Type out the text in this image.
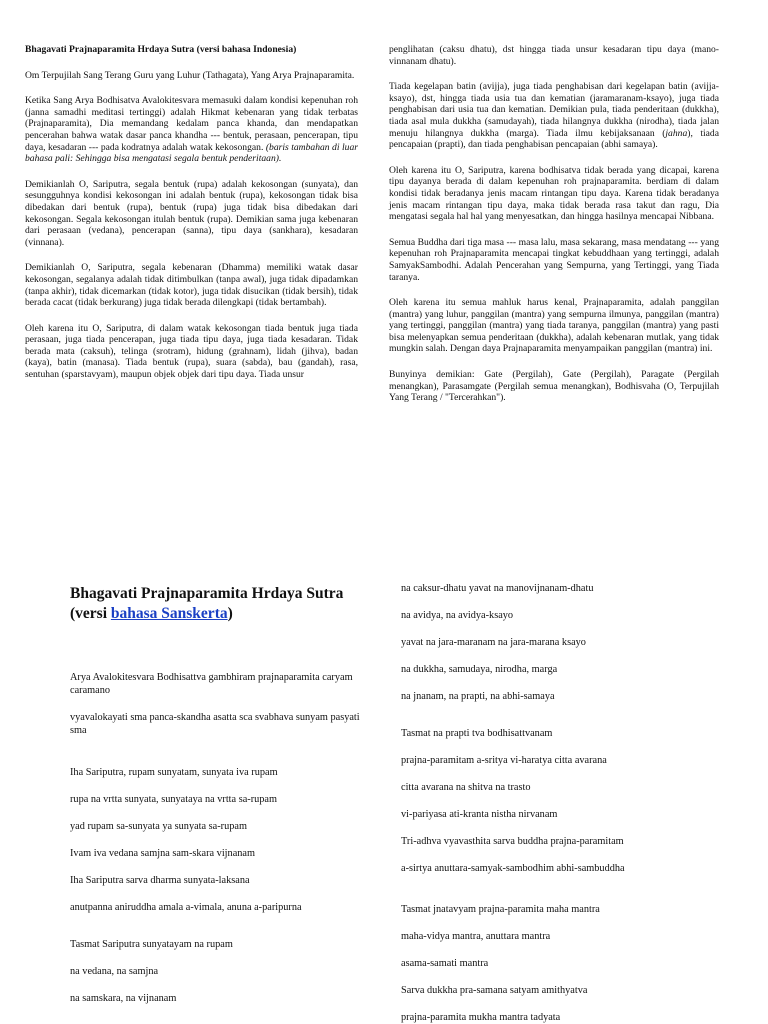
Bhagavati Prajnaparamita Hrdaya Sutra (versi bahasa Indonesia)

Om Terpujilah Sang Terang Guru yang Luhur (Tathagata), Yang Arya Prajnaparamita.

Ketika Sang Arya Bodhisatva Avalokitesvara memasuki dalam kondisi kepenuhan roh (janna samadhi meditasi tertinggi) adalah Hikmat kebenaran yang tidak terbatas (Prajnaparamita), Dia memandang kedalam panca khanda, dan mendapatkan pencerahan bahwa watak dasar panca khandha --- bentuk, perasaan, pencerapan, tipu daya, kesadaran --- pada kodratnya adalah watak kekosongan. (baris tambahan di luar bahasa pali: Sehingga bisa mengatasi segala bentuk penderitaan).

Demikianlah O, Sariputra, segala bentuk (rupa) adalah kekosongan (sunyata), dan sesungguhnya kondisi kekosongan ini adalah bentuk (rupa), kekosongan tidak bisa dibedakan dari bentuk (rupa), bentuk (rupa) juga tidak bisa dibedakan dari kekosongan. Segala kekosongan itulah bentuk (rupa). Demikian sama juga kebenaran dari perasaan (vedana), pencerapan (sanna), tipu daya (sankhara), kesadaran (vinnana).

Demikianlah O, Sariputra, segala kebenaran (Dhamma) memiliki watak dasar kekosongan, segalanya adalah tidak ditimbulkan (tanpa awal), juga tidak dipadamkan (tanpa akhir), tidak dicemarkan (tidak kotor), juga tidak disucikan (tidak bersih), tidak berada cacat (tidak berkurang) juga tidak berada dilengkapi (tidak bertambah).

Oleh karena itu O, Sariputra, di dalam watak kekosongan tiada bentuk juga tiada perasaan, juga tiada pencerapan, juga tiada tipu daya, juga tiada kesadaran. Tidak berada mata (caksuh), telinga (srotram), hidung (grahnam), lidah (jihva), badan (kaya), batin (manasa). Tiada bentuk (rupa), suara (sabda), bau (gandah), rasa, sentuhan (sparstavyam), maupun objek objek dari tipu daya. Tiada unsur

penglihatan (caksu dhatu), dst hingga tiada unsur kesadaran tipu daya (mano-vinnanam dhatu).

Tiada kegelapan batin (avijja), juga tiada penghabisan dari kegelapan batin (avijja-ksayo), dst, hingga tiada usia tua dan kematian (jaramaranam-ksayo), juga tiada penghabisan dari usia tua dan kematian. Demikian pula, tiada penderitaan (dukkha), tiada asal mula dukkha (samudayah), tiada hilangnya dukkha (nirodha), tiada jalan menuju hilangnya dukkha (marga). Tiada ilmu kebijaksanaan (jahna), tiada pencapaian (prapti), dan tiada penghabisan pencapaian (abhi samaya).

Oleh karena itu O, Sariputra, karena bodhisatva tidak berada yang dicapai, karena tipu dayanya berada di dalam kepenuhan roh prajnaparamita. berdiam di dalam kondisi tidak beradanya jenis macam rintangan tipu daya. Karena tidak beradanya jenis macam rintangan tipu daya, maka tidak berada rasa takut dan ragu, Dia mengatasi segala hal hal yang menyesatkan, dan hingga hasilnya mencapai Nibbana.

Semua Buddha dari tiga masa --- masa lalu, masa sekarang, masa mendatang --- yang kepenuhan roh Prajnaparamita mencapai tingkat kebuddhaan yang tertinggi, adalah SamyakSambodhi. Adalah Pencerahan yang Sempurna, yang Tertinggi, yang Tiada taranya.

Oleh karena itu semua mahluk harus kenal, Prajnaparamita, adalah panggilan (mantra) yang luhur, panggilan (mantra) yang sempurna ilmunya, panggilan (mantra) yang tertinggi, panggilan (mantra) yang tiada taranya, panggilan (mantra) yang pasti bisa melenyapkan semua penderitaan (dukkha), adalah kebenaran mutlak, yang tidak mungkin salah. Dengan daya Prajnaparamita menyampaikan panggilan (mantra) ini.

Bunyinya demikian: Gate (Pergilah), Gate (Pergilah), Paragate (Pergilah menangkan), Parasamgate (Pergilah semua menangkan), Bodhisvaha (O, Terpujilah Yang Terang / "Tercerahkan").

Bhagavati Prajnaparamita Hrdaya Sutra (versi bahasa Sanskerta)

Arya Avalokitesvara Bodhisattva gambhiram prajnaparamita caryam caramano

vyavalokayati sma panca-skandha asatta sca svabhava sunyam pasyati sma

Iha Sariputra, rupam sunyatam, sunyata iva rupam

rupa na vrtta sunyata, sunyataya na vrtta sa-rupam

yad rupam sa-sunyata ya sunyata sa-rupam

Ivam iva vedana samjna sam-skara vijnanam

Iha Sariputra sarva dharma sunyata-laksana

anutpanna aniruddha amala a-vimala, anuna a-paripurna

Tasmat Sariputra sunyatayam na rupam

na vedana, na samjna

na samskara, na vijnanam

na caksur-dhatu yavat na manovijnanam-dhatu

na avidya, na avidya-ksayo

yavat na jara-maranam na jara-marana ksayo

na dukkha, samudaya, nirodha, marga

na jnanam, na prapti, na abhi-samaya

Tasmat na prapti tva bodhisattvanam

prajna-paramitam a-sritya vi-haratya citta avarana

citta avarana na shitva na trasto

vi-pariyasa ati-kranta nistha nirvanam

Tri-adhva vyavasthita sarva buddha prajna-paramitam

a-sirtya anuttara-samyak-sambodhim abhi-sambuddha

Tasmat jnatavyam prajna-paramita maha mantra

maha-vidya mantra, anuttara mantra

asama-samati mantra

Sarva dukkha pra-samana satyam amithyatva

prajna-paramita mukha mantra tadyata
